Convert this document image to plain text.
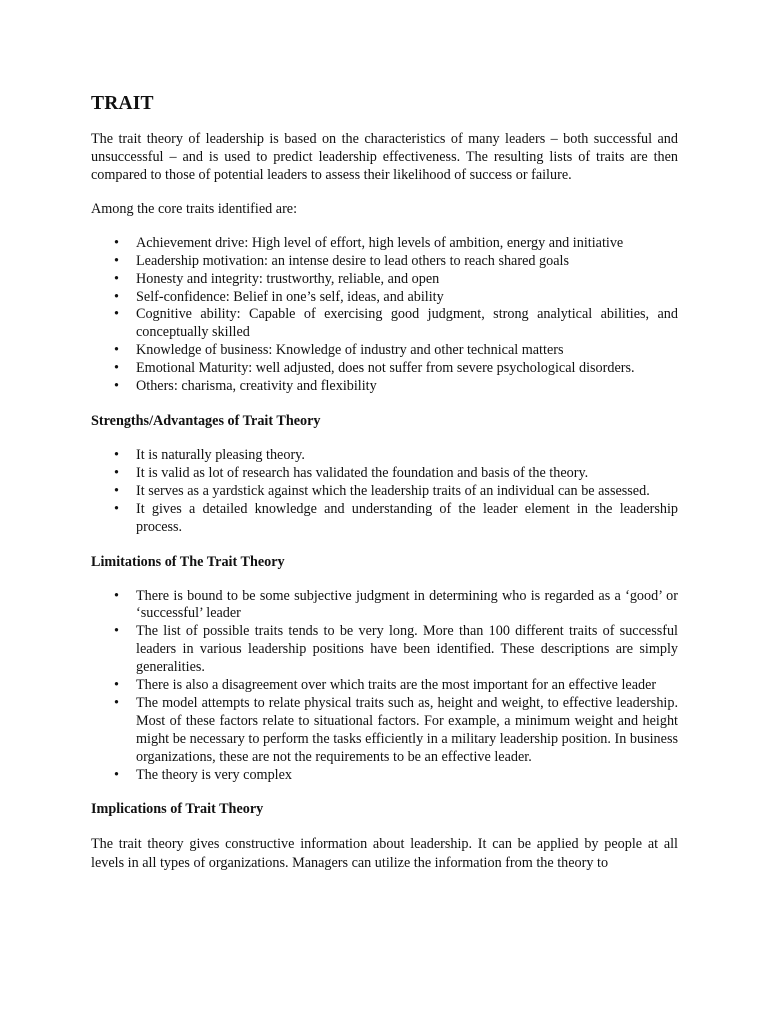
TRAIT

The trait theory of leadership is based on the characteristics of many leaders – both successful and unsuccessful – and is used to predict leadership effectiveness. The resulting lists of traits are then compared to those of potential leaders to assess their likelihood of success or failure.

Among the core traits identified are:

• Achievement drive: High level of effort, high levels of ambition, energy and initiative
• Leadership motivation: an intense desire to lead others to reach shared goals
• Honesty and integrity: trustworthy, reliable, and open
• Self-confidence: Belief in one’s self, ideas, and ability
• Cognitive ability: Capable of exercising good judgment, strong analytical abilities, and conceptually skilled
• Knowledge of business: Knowledge of industry and other technical matters
• Emotional Maturity: well adjusted, does not suffer from severe psychological disorders.
• Others: charisma, creativity and flexibility
Strengths/Advantages of Trait Theory
• It is naturally pleasing theory.
• It is valid as lot of research has validated the foundation and basis of the theory.
• It serves as a yardstick against which the leadership traits of an individual can be assessed.
• It gives a detailed knowledge and understanding of the leader element in the leadership process.
Limitations of The Trait Theory
• There is bound to be some subjective judgment in determining who is regarded as a ‘good’ or ‘successful’ leader
• The list of possible traits tends to be very long. More than 100 different traits of successful leaders in various leadership positions have been identified. These descriptions are simply generalities.
• There is also a disagreement over which traits are the most important for an effective leader
• The model attempts to relate physical traits such as, height and weight, to effective leadership. Most of these factors relate to situational factors. For example, a minimum weight and height might be necessary to perform the tasks efficiently in a military leadership position. In business organizations, these are not the requirements to be an effective leader.
• The theory is very complex
Implications of Trait Theory

The trait theory gives constructive information about leadership. It can be applied by people at all levels in all types of organizations. Managers can utilize the information from the theory to
